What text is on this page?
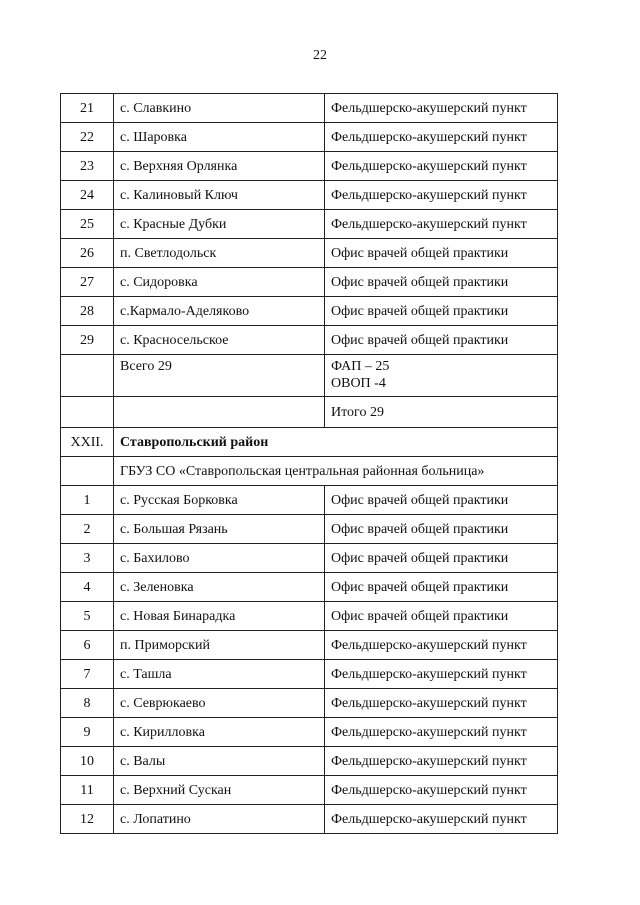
22
21	с. Славкино	Фельдшерско-акушерский пункт
22	с. Шаровка	Фельдшерско-акушерский пункт
23	с. Верхняя Орлянка	Фельдшерско-акушерский пункт
24	с. Калиновый Ключ	Фельдшерско-акушерский пункт
25	с. Красные Дубки	Фельдшерско-акушерский пункт
26	п. Светлодольск	Офис врачей общей практики
27	с. Сидоровка	Офис врачей общей практики
28	с.Кармало-Аделяково	Офис врачей общей практики
29	с. Красносельское	Офис врачей общей практики
	Всего 29	ФАП – 25
ОВОП -4

		Итого 29
XXII.	Ставропольский район	
	ГБУЗ СО «Ставропольская центральная районная больница»	
1	с. Русская Борковка	Офис врачей общей практики
2	с. Большая Рязань	Офис врачей общей практики
3	с. Бахилово	Офис врачей общей практики
4	с. Зеленовка	Офис врачей общей практики
5	с. Новая Бинарадка	Офис врачей общей практики
6	п. Приморский	Фельдшерско-акушерский пункт
7	с. Ташла	Фельдшерско-акушерский пункт
8	с. Севрюкаево	Фельдшерско-акушерский пункт
9	с. Кирилловка	Фельдшерско-акушерский пункт
10	с. Валы	Фельдшерско-акушерский пункт
11	с. Верхний Сускан	Фельдшерско-акушерский пункт
12	с. Лопатино	Фельдшерско-акушерский пункт
